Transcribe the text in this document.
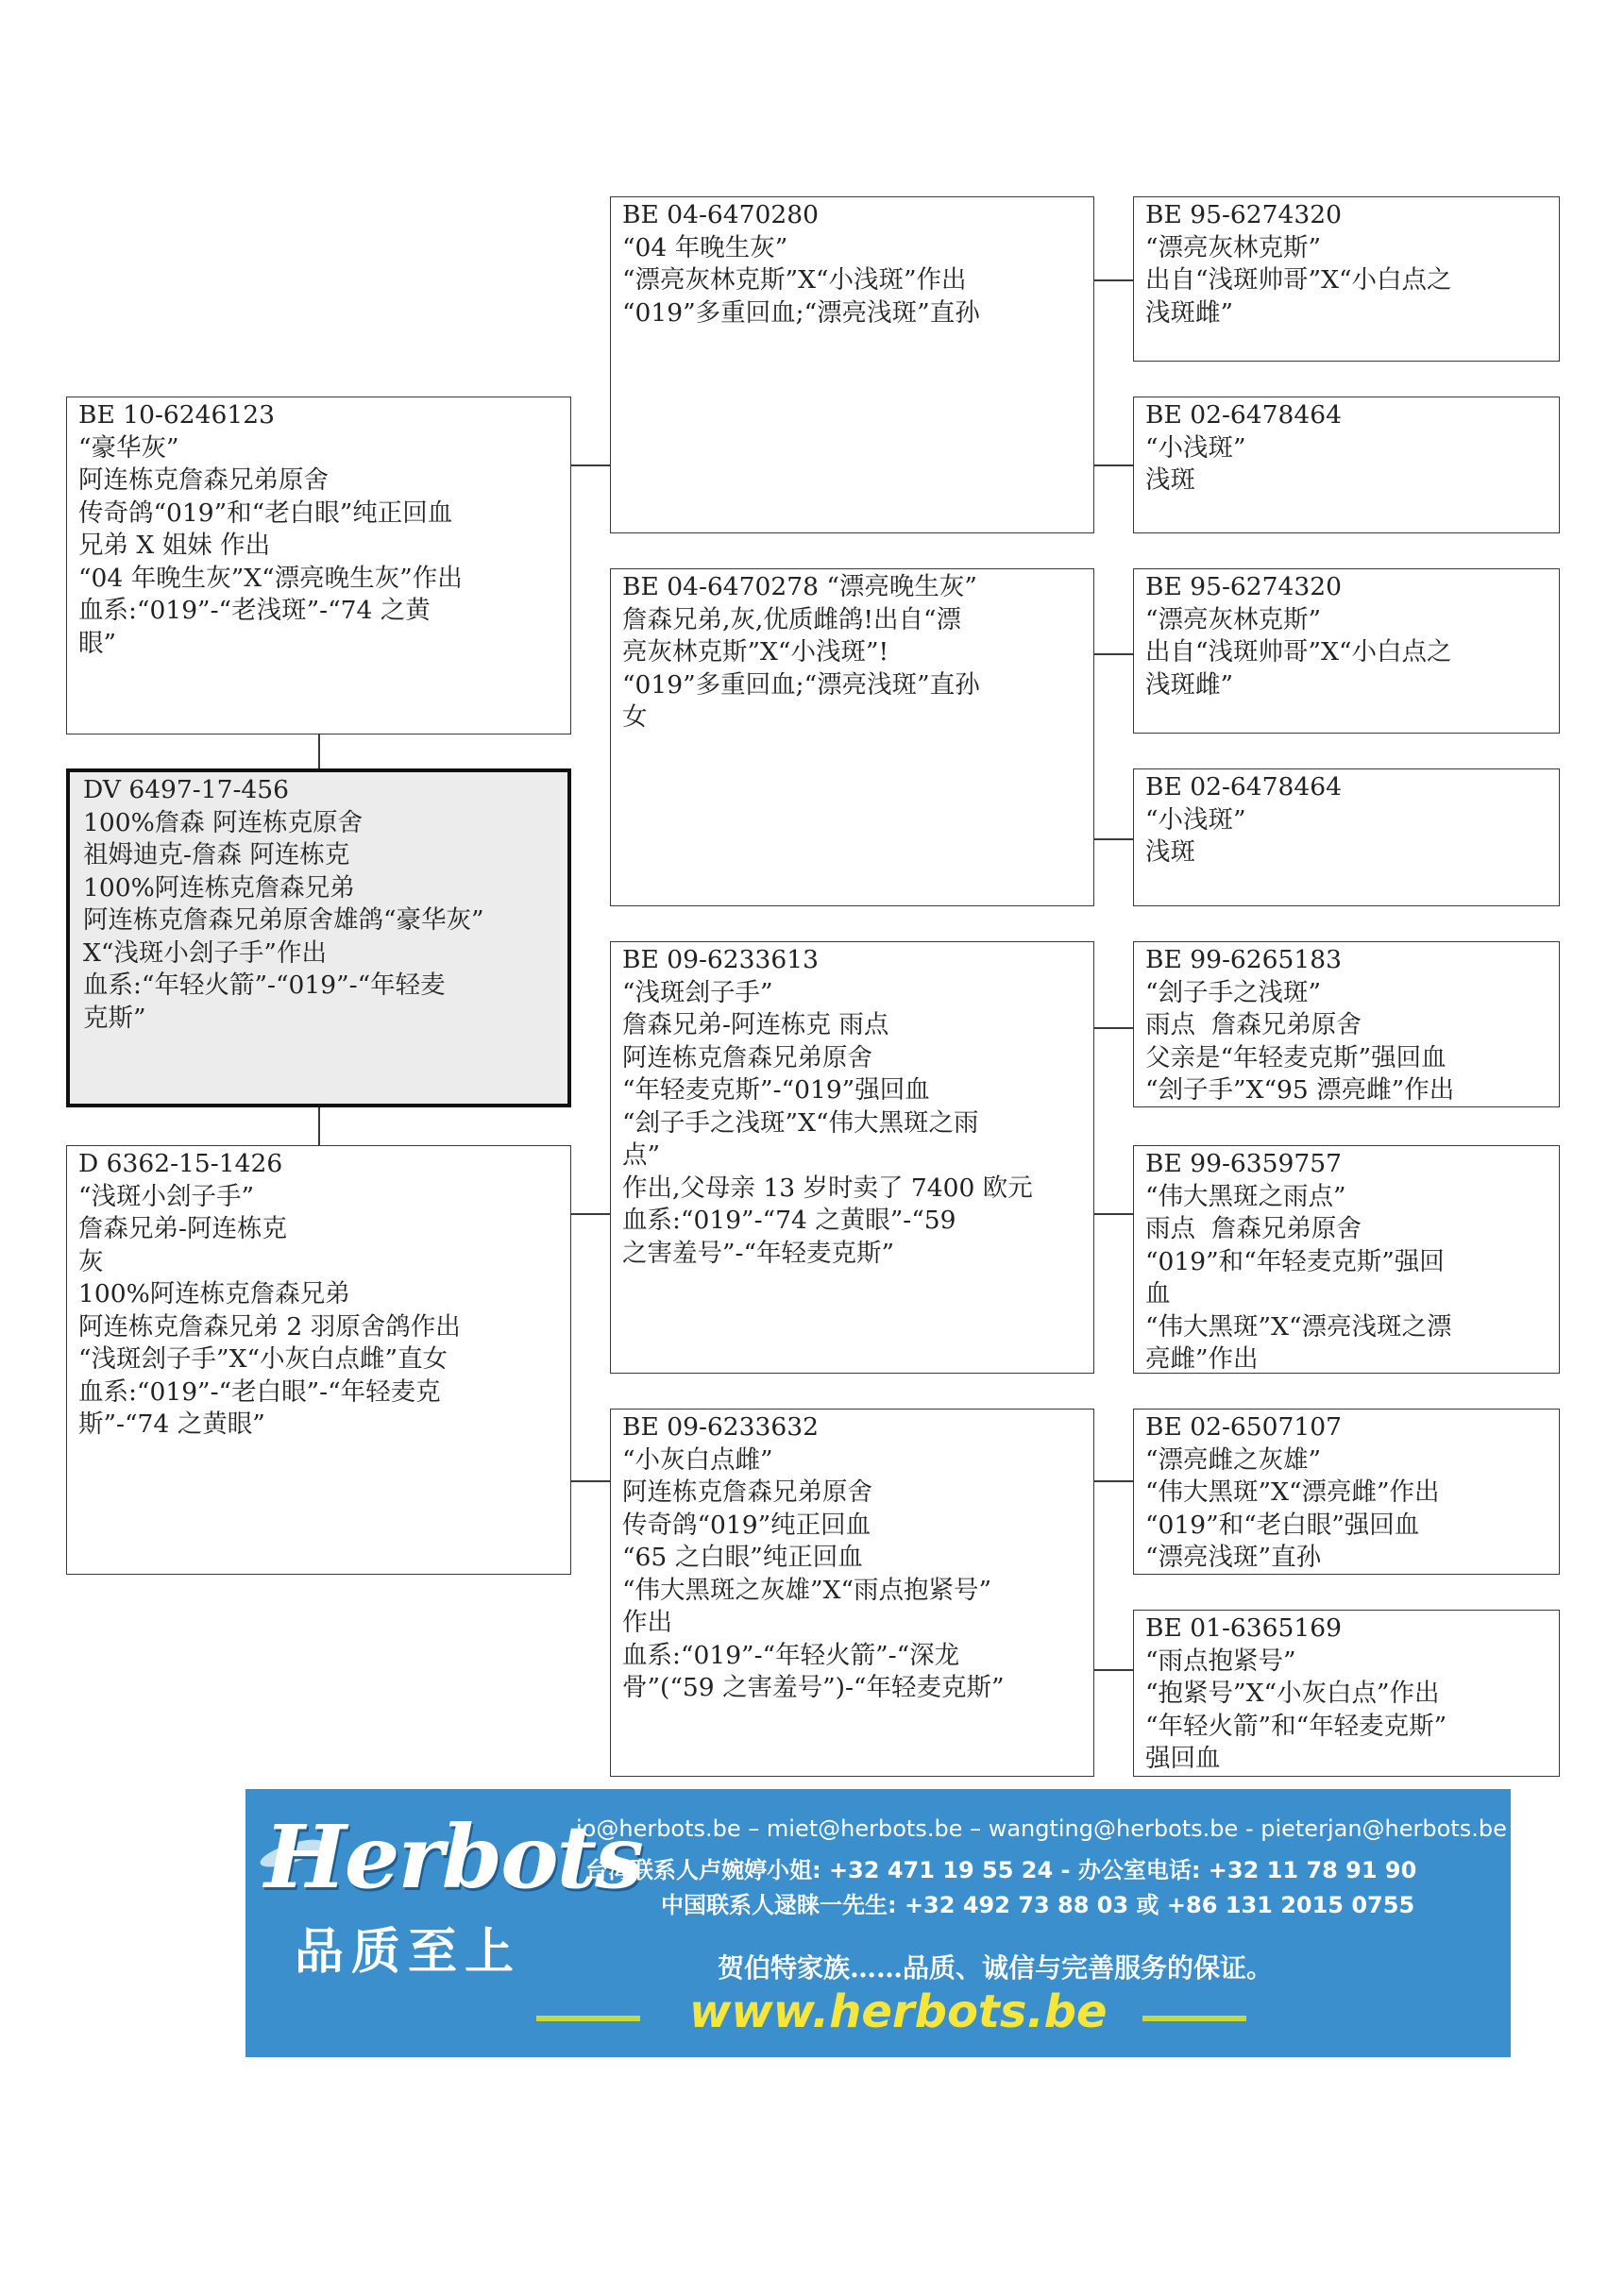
BE 10-6246123
“豪华灰”
阿连栋克詹森兄弟原舍
传奇鸽“019”和“老白眼”纯正回血
兄弟 X 姐妹 作出
“04 年晚生灰”X“漂亮晚生灰”作出
血系:“019”-“老浅斑”-“74 之黄
眼”
DV 6497-17-456
100%詹森 阿连栋克原舍
祖姆迪克-詹森 阿连栋克
100%阿连栋克詹森兄弟
阿连栋克詹森兄弟原舍雄鸽“豪华灰”
X“浅斑小刽子手”作出
血系:“年轻火箭”-“019”-“年轻麦
克斯”
D 6362-15-1426
“浅斑小刽子手”
詹森兄弟-阿连栋克
灰
100%阿连栋克詹森兄弟
阿连栋克詹森兄弟 2 羽原舍鸽作出
“浅斑刽子手”X“小灰白点雌”直女
血系:“019”-“老白眼”-“年轻麦克
斯”-“74 之黄眼”
BE 04-6470280
“04 年晚生灰”
“漂亮灰林克斯”X“小浅斑”作出
“019”多重回血;“漂亮浅斑”直孙
BE 04-6470278 “漂亮晚生灰”
詹森兄弟,灰,优质雌鸽!出自“漂
亮灰林克斯”X“小浅斑”!
“019”多重回血;“漂亮浅斑”直孙
女
BE 09-6233613
“浅斑刽子手”
詹森兄弟-阿连栋克 雨点
阿连栋克詹森兄弟原舍
“年轻麦克斯”-“019”强回血
“刽子手之浅斑”X“伟大黑斑之雨
点”
作出,父母亲 13 岁时卖了 7400 欧元
血系:“019”-“74 之黄眼”-“59
之害羞号”-“年轻麦克斯”
BE 09-6233632
“小灰白点雌”
阿连栋克詹森兄弟原舍
传奇鸽“019”纯正回血
“65 之白眼”纯正回血
“伟大黑斑之灰雄”X“雨点抱紧号”
作出
血系:“019”-“年轻火箭”-“深龙
骨”(“59 之害羞号”)-“年轻麦克斯”
BE 95-6274320
“漂亮灰林克斯”
出自“浅斑帅哥”X“小白点之
浅斑雌”
BE 02-6478464
“小浅斑”
浅斑
BE 95-6274320
“漂亮灰林克斯”
出自“浅斑帅哥”X“小白点之
浅斑雌”
BE 02-6478464
“小浅斑”
浅斑
BE 99-6265183
“刽子手之浅斑”
雨点  詹森兄弟原舍
父亲是“年轻麦克斯”强回血
“刽子手”X“95 漂亮雌”作出
BE 99-6359757
“伟大黑斑之雨点”
雨点  詹森兄弟原舍
“019”和“年轻麦克斯”强回
血
“伟大黑斑”X“漂亮浅斑之漂
亮雌”作出
BE 02-6507107
“漂亮雌之灰雄”
“伟大黑斑”X“漂亮雌”作出
“019”和“老白眼”强回血
“漂亮浅斑”直孙
BE 01-6365169
“雨点抱紧号”
“抱紧号”X“小灰白点”作出
“年轻火箭”和“年轻麦克斯”
强回血
Herbots
品质至上
jo@herbots.be – miet@herbots.be – wangting@herbots.be - pieterjan@herbots.be
台湾联系人卢婉婷小姐: +32 471 19 55 24 - 办公室电话: +32 11 78 91 90
中国联系人逯睐一先生: +32 492 73 88 03 或 +86 131 2015 0755
贺伯特家族……品质、诚信与完善服务的保证。
www.herbots.be
